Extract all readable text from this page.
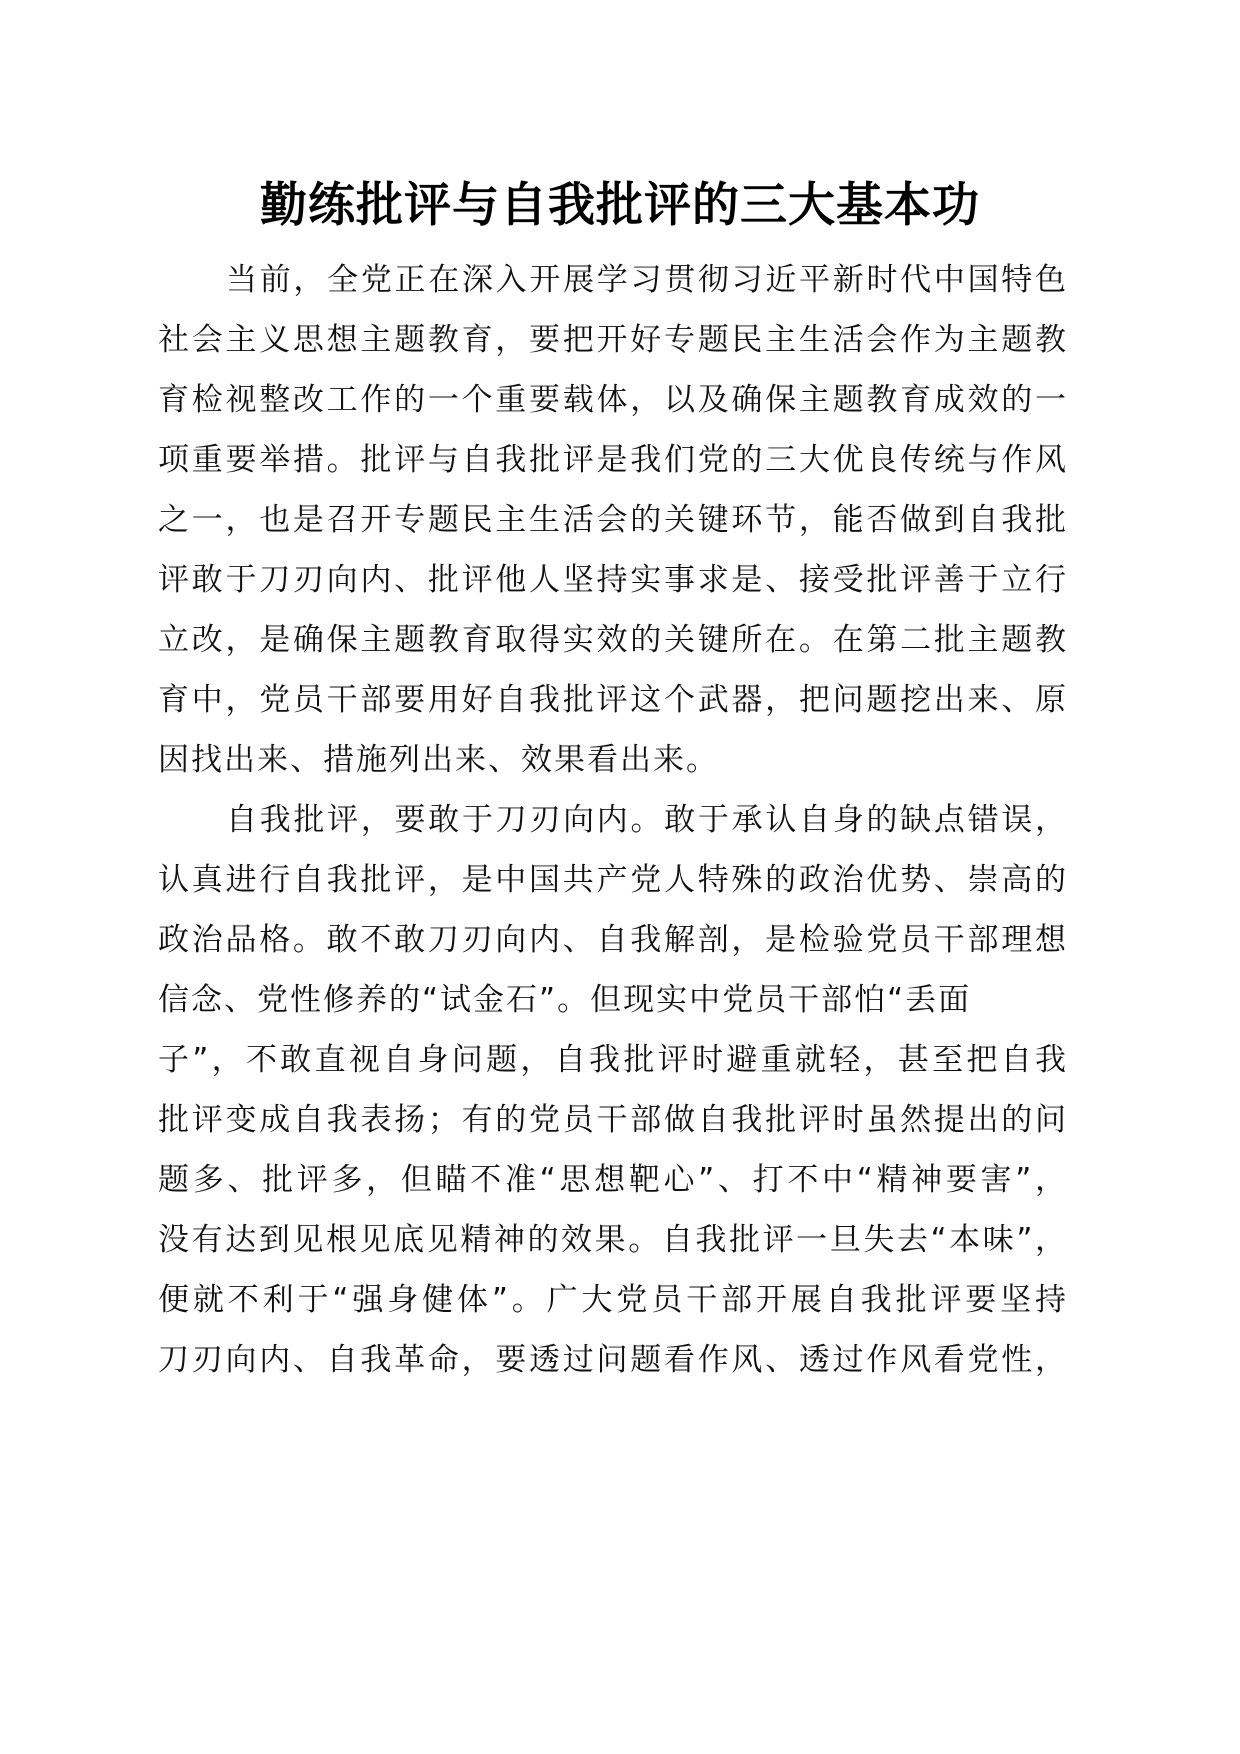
勤练批评与自我批评的三大基本功
当前，全党正在深入开展学习贯彻习近平新时代中国特色
社会主义思想主题教育，要把开好专题民主生活会作为主题教
育检视整改工作的一个重要载体，以及确保主题教育成效的一
项重要举措。批评与自我批评是我们党的三大优良传统与作风
之一，也是召开专题民主生活会的关键环节，能否做到自我批
评敢于刀刃向内、批评他人坚持实事求是、接受批评善于立行
立改，是确保主题教育取得实效的关键所在。在第二批主题教
育中，党员干部要用好自我批评这个武器，把问题挖出来、原
因找出来、措施列出来、效果看出来。
自我批评，要敢于刀刃向内。敢于承认自身的缺点错误，
认真进行自我批评，是中国共产党人特殊的政治优势、崇高的
政治品格。敢不敢刀刃向内、自我解剖，是检验党员干部理想
信念、党性修养的“试金石”。但现实中党员干部怕“丢面
子”，不敢直视自身问题，自我批评时避重就轻，甚至把自我
批评变成自我表扬；有的党员干部做自我批评时虽然提出的问
题多、批评多，但瞄不准“思想靶心”、打不中“精神要害”，
没有达到见根见底见精神的效果。自我批评一旦失去“本味”，
便就不利于“强身健体”。广大党员干部开展自我批评要坚持
刀刃向内、自我革命，要透过问题看作风、透过作风看党性，
